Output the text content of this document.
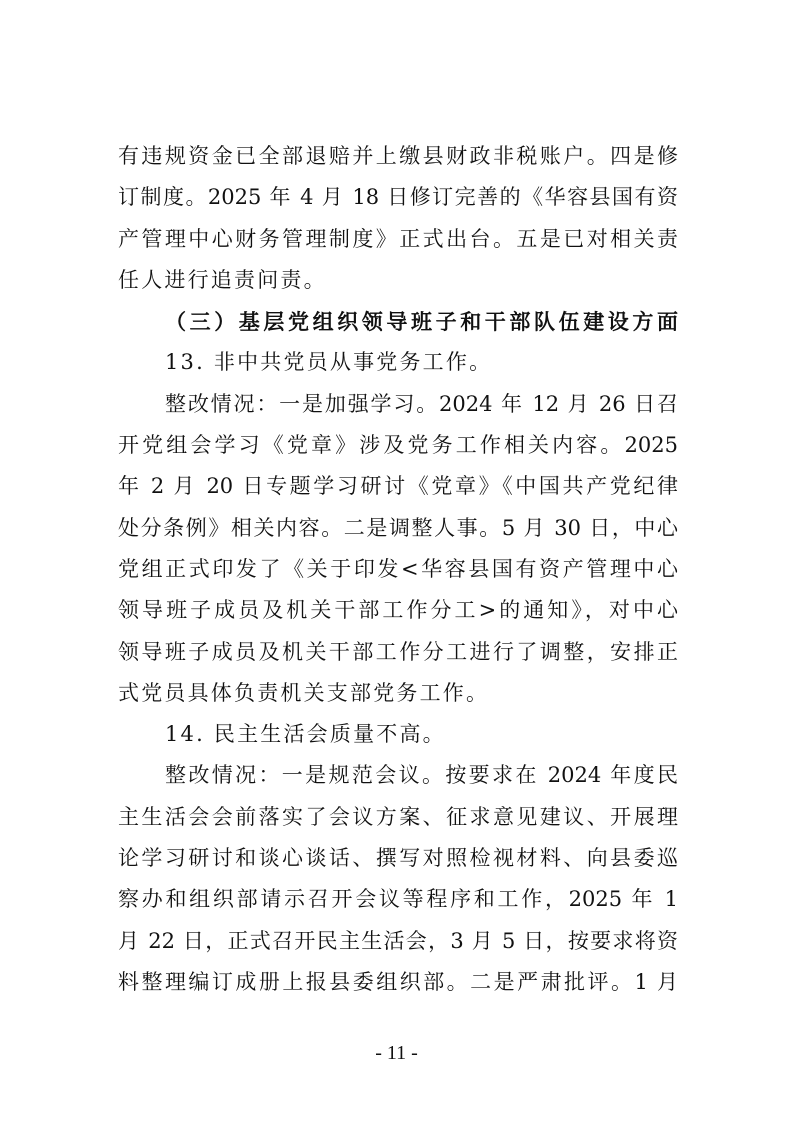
有违规资金已全部退赔并上缴县财政非税账户。四是修
订制度。2025 年 4 月 18 日修订完善的《华容县国有资
产管理中心财务管理制度》正式出台。五是已对相关责
任人进行追责问责。
（三）基层党组织领导班子和干部队伍建设方面
13. 非中共党员从事党务工作。
整改情况：一是加强学习。2024 年 12 月 26 日召
开党组会学习《党章》涉及党务工作相关内容。2025
年 2 月 20 日专题学习研讨《党章》《中国共产党纪律
处分条例》相关内容。二是调整人事。5 月 30 日，中心
党组正式印发了《关于印发<华容县国有资产管理中心
领导班子成员及机关干部工作分工>的通知》，对中心
领导班子成员及机关干部工作分工进行了调整，安排正
式党员具体负责机关支部党务工作。
14. 民主生活会质量不高。
整改情况：一是规范会议。按要求在 2024 年度民
主生活会会前落实了会议方案、征求意见建议、开展理
论学习研讨和谈心谈话、撰写对照检视材料、向县委巡
察办和组织部请示召开会议等程序和工作，2025 年 1
月 22 日，正式召开民主生活会，3 月 5 日，按要求将资
料整理编订成册上报县委组织部。二是严肃批评。1 月
- 11 -
